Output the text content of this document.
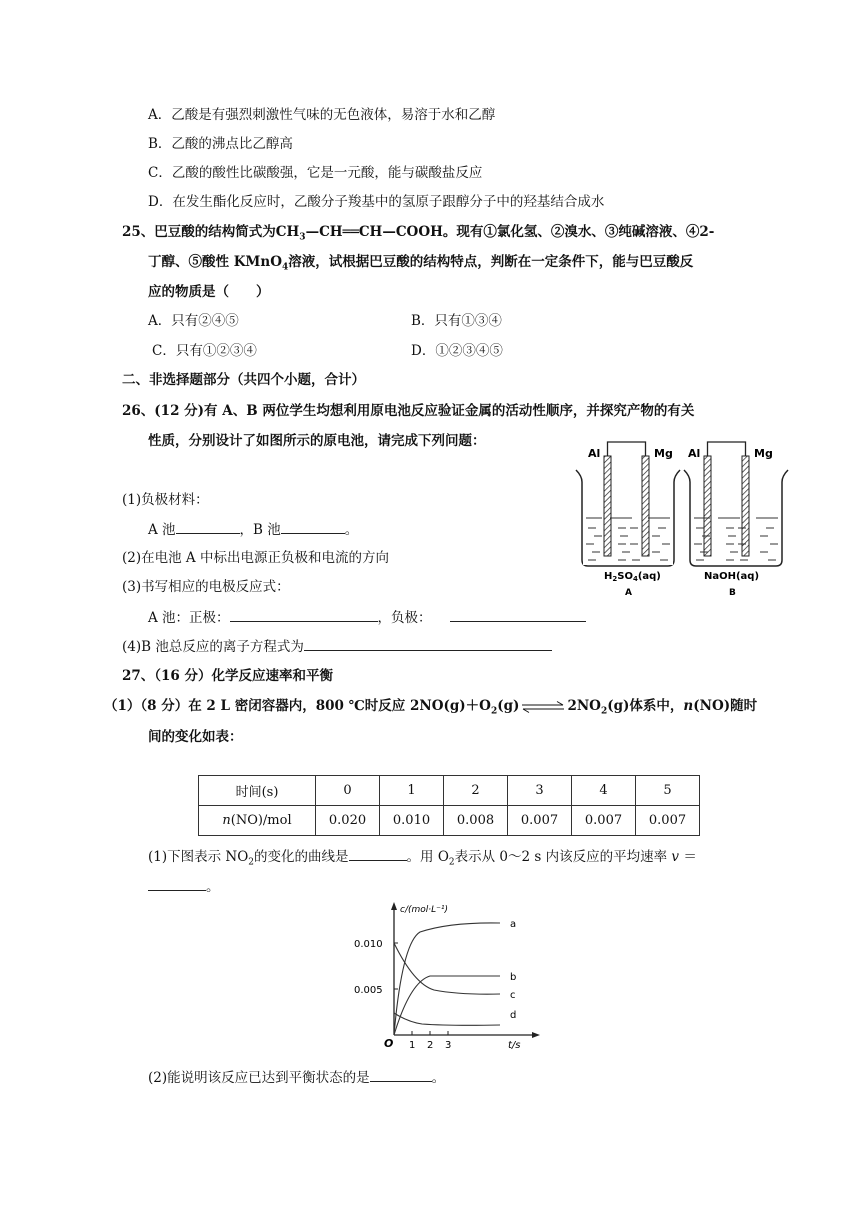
A．乙酸是有强烈刺激性气味的无色液体，易溶于水和乙醇
B．乙酸的沸点比乙醇高
C．乙酸的酸性比碳酸强，它是一元酸，能与碳酸盐反应
D．在发生酯化反应时，乙酸分子羧基中的氢原子跟醇分子中的羟基结合成水
25、巴豆酸的结构简式为$CH_3—CH══CH—COOH$。现有①氯化氢、②溴水、③纯碱溶液、④2-
丁醇、⑤酸性 KMnO$_4$溶液，试根据巴豆酸的结构特点，判断在一定条件下，能与巴豆酸反
应的物质是（　　）
A．只有②④⑤	B．只有①③④
C．只有①②③④	D．①②③④⑤
二、非选择题部分（共四个小题，合计）
26、(12 分)有 A、B 两位学生均想利用原电池反应验证金属的活动性顺序，并探究产物的有关
性质，分别设计了如图所示的原电池，请完成下列问题：
(1)负极材料：
A 池	，B 池	。
(2)在电池 A 中标出电源正负极和电流的方向
(3)书写相应的电极反应式：
A 池：正极：	，负极：
(4)B 池总反应的离子方程式为
Al	Mg
$H_2SO_4(aq)$
A
Al	Mg
NaOH(aq)
B
27、（16 分）化学反应速率和平衡
（1）（8 分）在 2 L 密闭容器内，800 ℃时反应 $2NO(g)+O_2(g)$ ⇌ $2NO_2(g)$体系中，n(NO)随时
间的变化如表：
时间(s)	0	1	2	3	4	5
n(NO)/mol	0.020	0.010	0.008	0.007	0.007	0.007
(1)下图表示 $NO_2$的变化的曲线是	。用 $O_2$表示从 0～2 s 内该反应的平均速率 v ＝
。
c/(mol·L⁻¹)
0.010
0.005
O 1 2 3	t/s
a
b
c
d
(2)能说明该反应已达到平衡状态的是	。
